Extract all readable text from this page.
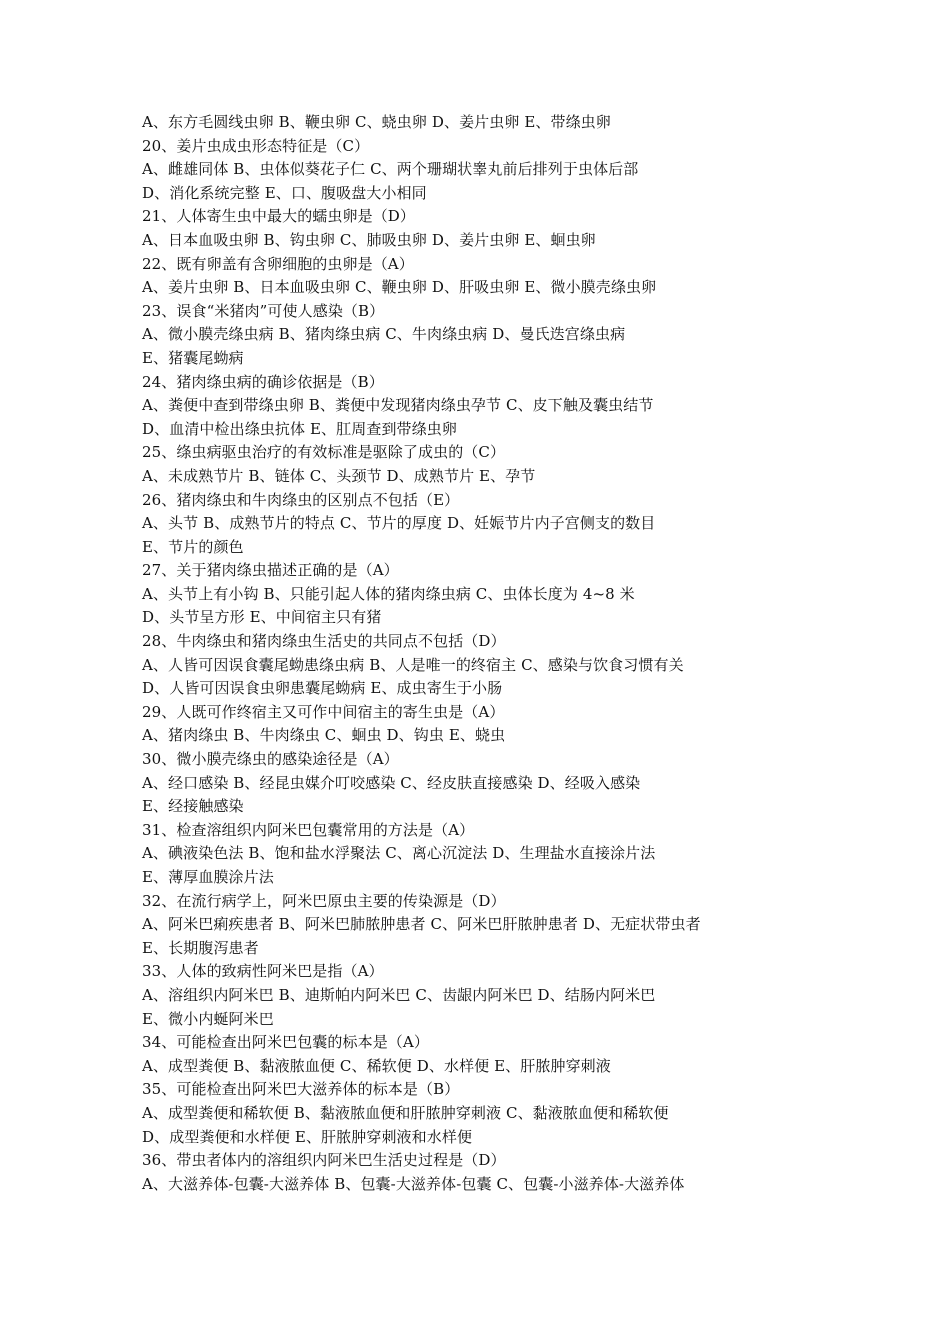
A、东方毛圆线虫卵 B、鞭虫卵 C、蛲虫卵 D、姜片虫卵 E、带绦虫卵
20、姜片虫成虫形态特征是（C）
A、雌雄同体 B、虫体似葵花子仁 C、两个珊瑚状睾丸前后排列于虫体后部
D、消化系统完整 E、口、腹吸盘大小相同
21、人体寄生虫中最大的蠕虫卵是（D）
A、日本血吸虫卵 B、钩虫卵 C、肺吸虫卵 D、姜片虫卵 E、蛔虫卵
22、既有卵盖有含卵细胞的虫卵是（A）
A、姜片虫卵 B、日本血吸虫卵 C、鞭虫卵 D、肝吸虫卵 E、微小膜壳绦虫卵
23、误食“米猪肉”可使人感染（B）
A、微小膜壳绦虫病 B、猪肉绦虫病 C、牛肉绦虫病 D、曼氏迭宫绦虫病
E、猪囊尾蚴病
24、猪肉绦虫病的确诊依据是（B）
A、粪便中查到带绦虫卵 B、粪便中发现猪肉绦虫孕节 C、皮下触及囊虫结节
D、血清中检出绦虫抗体 E、肛周查到带绦虫卵
25、绦虫病驱虫治疗的有效标准是驱除了成虫的（C）
A、未成熟节片 B、链体 C、头颈节 D、成熟节片 E、孕节
26、猪肉绦虫和牛肉绦虫的区别点不包括（E）
A、头节 B、成熟节片的特点 C、节片的厚度 D、妊娠节片内子宫侧支的数目
E、节片的颜色
27、关于猪肉绦虫描述正确的是（A）
A、头节上有小钩 B、只能引起人体的猪肉绦虫病 C、虫体长度为 4~8 米
D、头节呈方形 E、中间宿主只有猪
28、牛肉绦虫和猪肉绦虫生活史的共同点不包括（D）
A、人皆可因误食囊尾蚴患绦虫病 B、人是唯一的终宿主 C、感染与饮食习惯有关
D、人皆可因误食虫卵患囊尾蚴病 E、成虫寄生于小肠
29、人既可作终宿主又可作中间宿主的寄生虫是（A）
A、猪肉绦虫 B、牛肉绦虫 C、蛔虫 D、钩虫 E、蛲虫
30、微小膜壳绦虫的感染途径是（A）
A、经口感染 B、经昆虫媒介叮咬感染 C、经皮肤直接感染 D、经吸入感染
E、经接触感染
31、检查溶组织内阿米巴包囊常用的方法是（A）
A、碘液染色法 B、饱和盐水浮聚法 C、离心沉淀法 D、生理盐水直接涂片法
E、薄厚血膜涂片法
32、在流行病学上，阿米巴原虫主要的传染源是（D）
A、阿米巴痢疾患者 B、阿米巴肺脓肿患者 C、阿米巴肝脓肿患者 D、无症状带虫者
E、长期腹泻患者
33、人体的致病性阿米巴是指（A）
A、溶组织内阿米巴 B、迪斯帕内阿米巴 C、齿龈内阿米巴 D、结肠内阿米巴
E、微小内蜒阿米巴
34、可能检查出阿米巴包囊的标本是（A）
A、成型粪便 B、黏液脓血便 C、稀软便 D、水样便 E、肝脓肿穿刺液
35、可能检查出阿米巴大滋养体的标本是（B）
A、成型粪便和稀软便 B、黏液脓血便和肝脓肿穿刺液 C、黏液脓血便和稀软便
D、成型粪便和水样便 E、肝脓肿穿刺液和水样便
36、带虫者体内的溶组织内阿米巴生活史过程是（D）
A、大滋养体-包囊-大滋养体 B、包囊-大滋养体-包囊 C、包囊-小滋养体-大滋养体
